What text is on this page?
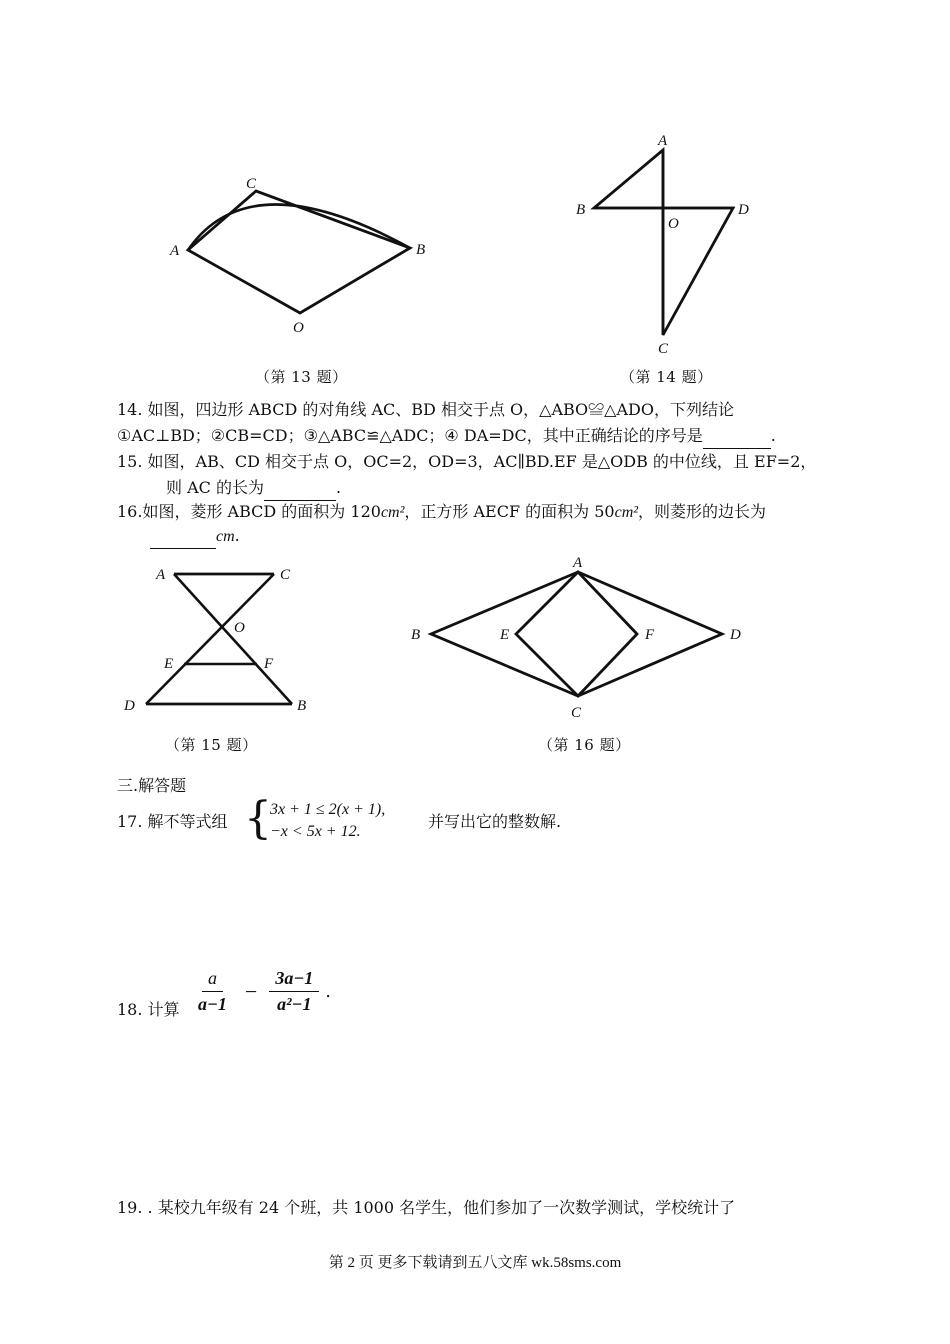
A
C
B
O
（第 13 题）
A
B	D
O
C
（第 14 题）
14. 如图，四边形 ABCD 的对角线 AC、BD 相交于点 O，△ABO≌△ADO，下列结论
①AC⊥BD；②CB=CD；③△ABC≌△ADC；④ DA=DC，其中正确结论的序号是	.
15. 如图，AB、CD 相交于点 O，OC=2，OD=3，AC∥BD.EF 是△ODB 的中位线，且 EF=2，
则 AC 的长为	.
16.如图，菱形 ABCD 的面积为 120cm²，正方形 AECF 的面积为 50cm²，则菱形的边长为
cm.
A	C
O
E	F
D	B
（第 15 题）
A
B	E	F	D
C
（第 16 题）
三.解答题
17. 解不等式组 {
3x + 1 ≤ 2(x + 1),
−x < 5x + 12.
并写出它的整数解.
18. 计算 $\frac{a}{a-1} - \frac{3a-1}{\text{a²−1}}$ .
19. . 某校九年级有 24 个班，共 1000 名学生，他们参加了一次数学测试，学校统计了
第 2 页 更多下载请到五八文库 wk.58sms.com
